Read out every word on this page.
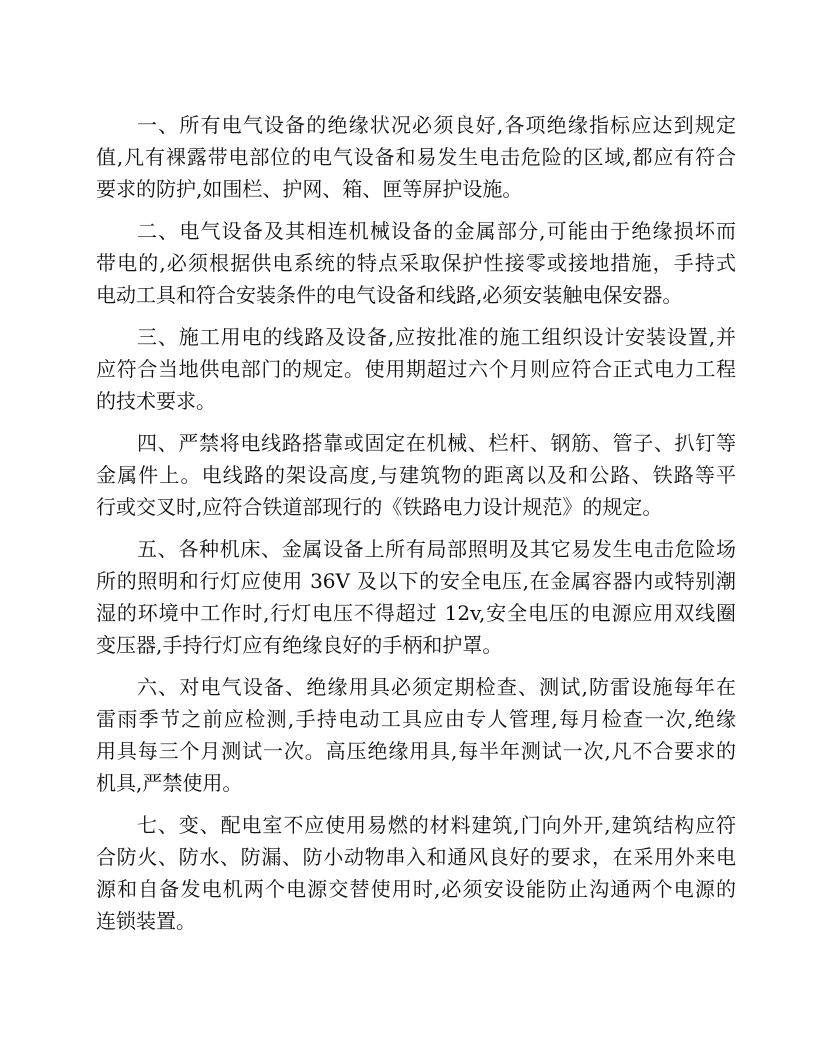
一、所有电气设备的绝缘状况必须良好,各项绝缘指标应达到规定
值,凡有裸露带电部位的电气设备和易发生电击危险的区域,都应有符合
要求的防护,如围栏、护网、箱、匣等屏护设施。
二、电气设备及其相连机械设备的金属部分,可能由于绝缘损坏而
带电的,必须根据供电系统的特点采取保护性接零或接地措施，手持式
电动工具和符合安装条件的电气设备和线路,必须安装触电保安器。
三、施工用电的线路及设备,应按批准的施工组织设计安装设置,并
应符合当地供电部门的规定。使用期超过六个月则应符合正式电力工程
的技术要求。
四、严禁将电线路搭靠或固定在机械、栏杆、钢筋、管子、扒钉等
金属件上。电线路的架设高度,与建筑物的距离以及和公路、铁路等平
行或交叉时,应符合铁道部现行的《铁路电力设计规范》的规定。
五、各种机床、金属设备上所有局部照明及其它易发生电击危险场
所的照明和行灯应使用 36V 及以下的安全电压,在金属容器内或特别潮
湿的环境中工作时,行灯电压不得超过 12v,安全电压的电源应用双线圈
变压器,手持行灯应有绝缘良好的手柄和护罩。
六、对电气设备、绝缘用具必须定期检查、测试,防雷设施每年在
雷雨季节之前应检测,手持电动工具应由专人管理,每月检查一次,绝缘
用具每三个月测试一次。高压绝缘用具,每半年测试一次,凡不合要求的
机具,严禁使用。
七、变、配电室不应使用易燃的材料建筑,门向外开,建筑结构应符
合防火、防水、防漏、防小动物串入和通风良好的要求，在采用外来电
源和自备发电机两个电源交替使用时,必须安设能防止沟通两个电源的
连锁装置。
